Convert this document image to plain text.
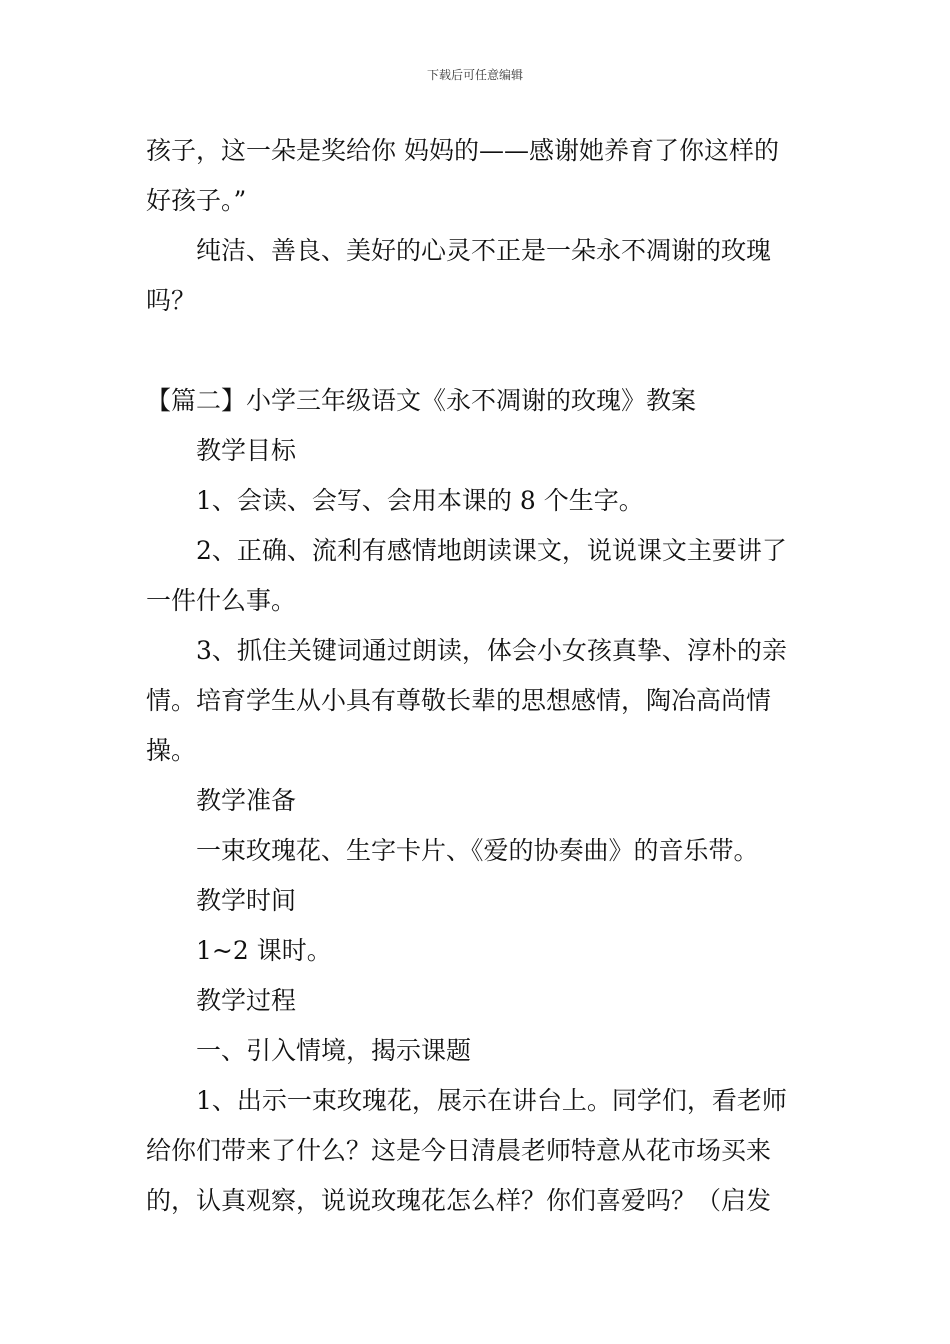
下载后可任意编辑

孩子，这一朵是奖给你 妈妈的——感谢她养育了你这样的

好孩子。”

纯洁、善良、美好的心灵不正是一朵永不凋谢的玫瑰

吗？

【篇二】小学三年级语文《永不凋谢的玫瑰》教案

教学目标

1、会读、会写、会用本课的 8 个生字。

2、正确、流利有感情地朗读课文，说说课文主要讲了

一件什么事。

3、抓住关键词通过朗读，体会小女孩真挚、淳朴的亲

情。培育学生从小具有尊敬长辈的思想感情，陶冶高尚情

操。

教学准备

一束玫瑰花、生字卡片、《爱的协奏曲》的音乐带。

教学时间

1~2 课时。

教学过程

一、引入情境，揭示课题

1、出示一束玫瑰花，展示在讲台上。同学们，看老师

给你们带来了什么？这是今日清晨老师特意从花市场买来

的，认真观察，说说玫瑰花怎么样？你们喜爱吗？（启发
